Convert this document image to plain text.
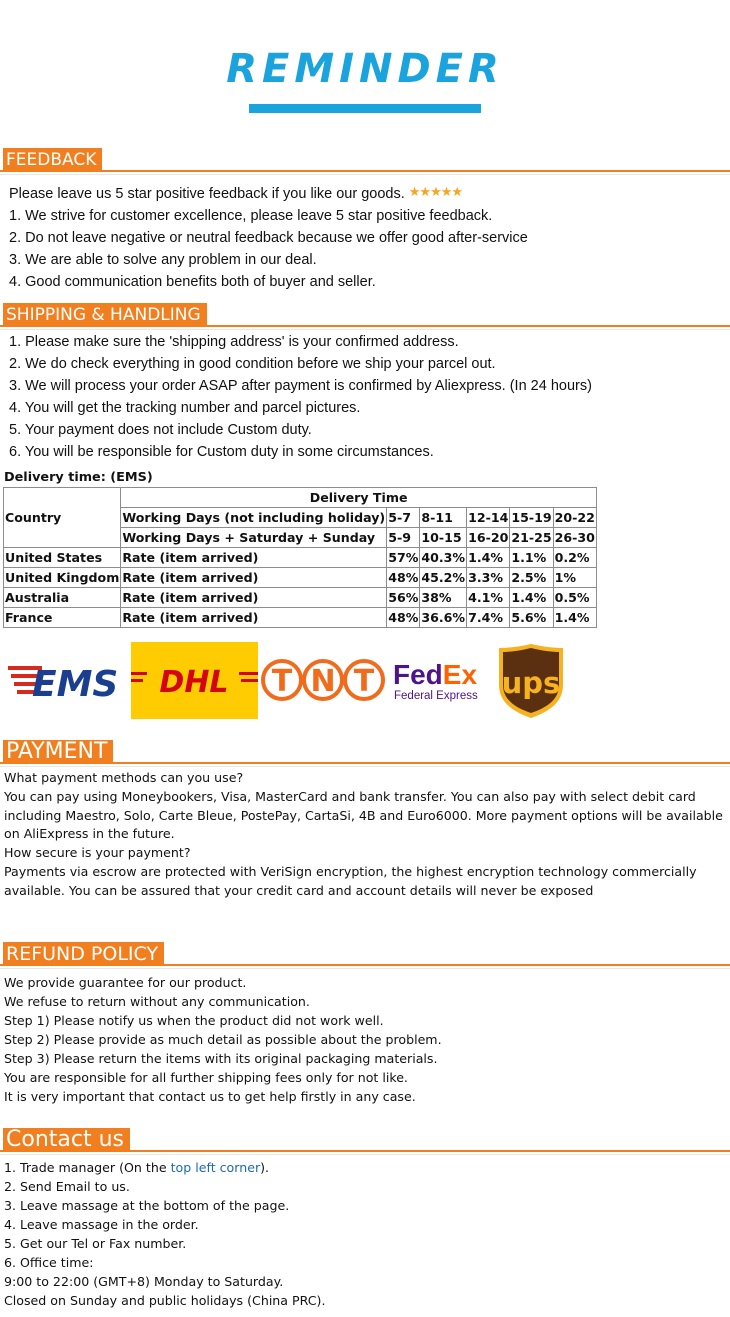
REMINDER
FEEDBACK
Please leave us 5 star positive feedback if you like our goods. ★★★★★
1. We strive for customer excellence, please leave 5 star positive feedback.
2. Do not leave negative or neutral feedback because we offer good after-service
3. We are able to solve any problem in our deal.
4. Good communication benefits both of buyer and seller.
SHIPPING & HANDLING
1. Please make sure the 'shipping address' is your confirmed address.
2. We do check everything in good condition before we ship your parcel out.
3. We will process your order ASAP after payment is confirmed by Aliexpress. (In 24 hours)
4. You will get the tracking number and parcel pictures.
5. Your payment does not include Custom duty.
6. You will be responsible for Custom duty in some circumstances.
Delivery time: (EMS)
Country	Delivery Time					
	Working Days (not including holiday)	5-7	8-11	12-14	15-19	20-22
	Working Days + Saturday + Sunday	5-9	10-15	16-20	21-25	26-30
United States	Rate (item arrived)	57%	40.3%	1.4%	1.1%	0.2%
United Kingdom	Rate (item arrived)	48%	45.2%	3.3%	2.5%	1%
Australia	Rate (item arrived)	56%	38%	4.1%	1.4%	0.5%
France	Rate (item arrived)	48%	36.6%	7.4%	5.6%	1.4%
EMS DHL T N T FedEx
Federal Express ups
PAYMENT
What payment methods can you use?
You can pay using Moneybookers, Visa, MasterCard and bank transfer. You can also pay with select debit card including Maestro, Solo, Carte Bleue, PostePay, CartaSi, 4B and Euro6000. More payment options will be available on AliExpress in the future.
How secure is your payment?
Payments via escrow are protected with VeriSign encryption, the highest encryption technology commercially available. You can be assured that your credit card and account details will never be exposed
REFUND POLICY
We provide guarantee for our product.
We refuse to return without any communication.
Step 1) Please notify us when the product did not work well.
Step 2) Please provide as much detail as possible about the problem.
Step 3) Please return the items with its original packaging materials.
You are responsible for all further shipping fees only for not like.
It is very important that contact us to get help firstly in any case.
Contact us
1. Trade manager (On the top left corner).
2. Send Email to us.
3. Leave massage at the bottom of the page.
4. Leave massage in the order.
5. Get our Tel or Fax number.
6. Office time:
9:00 to 22:00 (GMT+8) Monday to Saturday.
Closed on Sunday and public holidays (China PRC).
